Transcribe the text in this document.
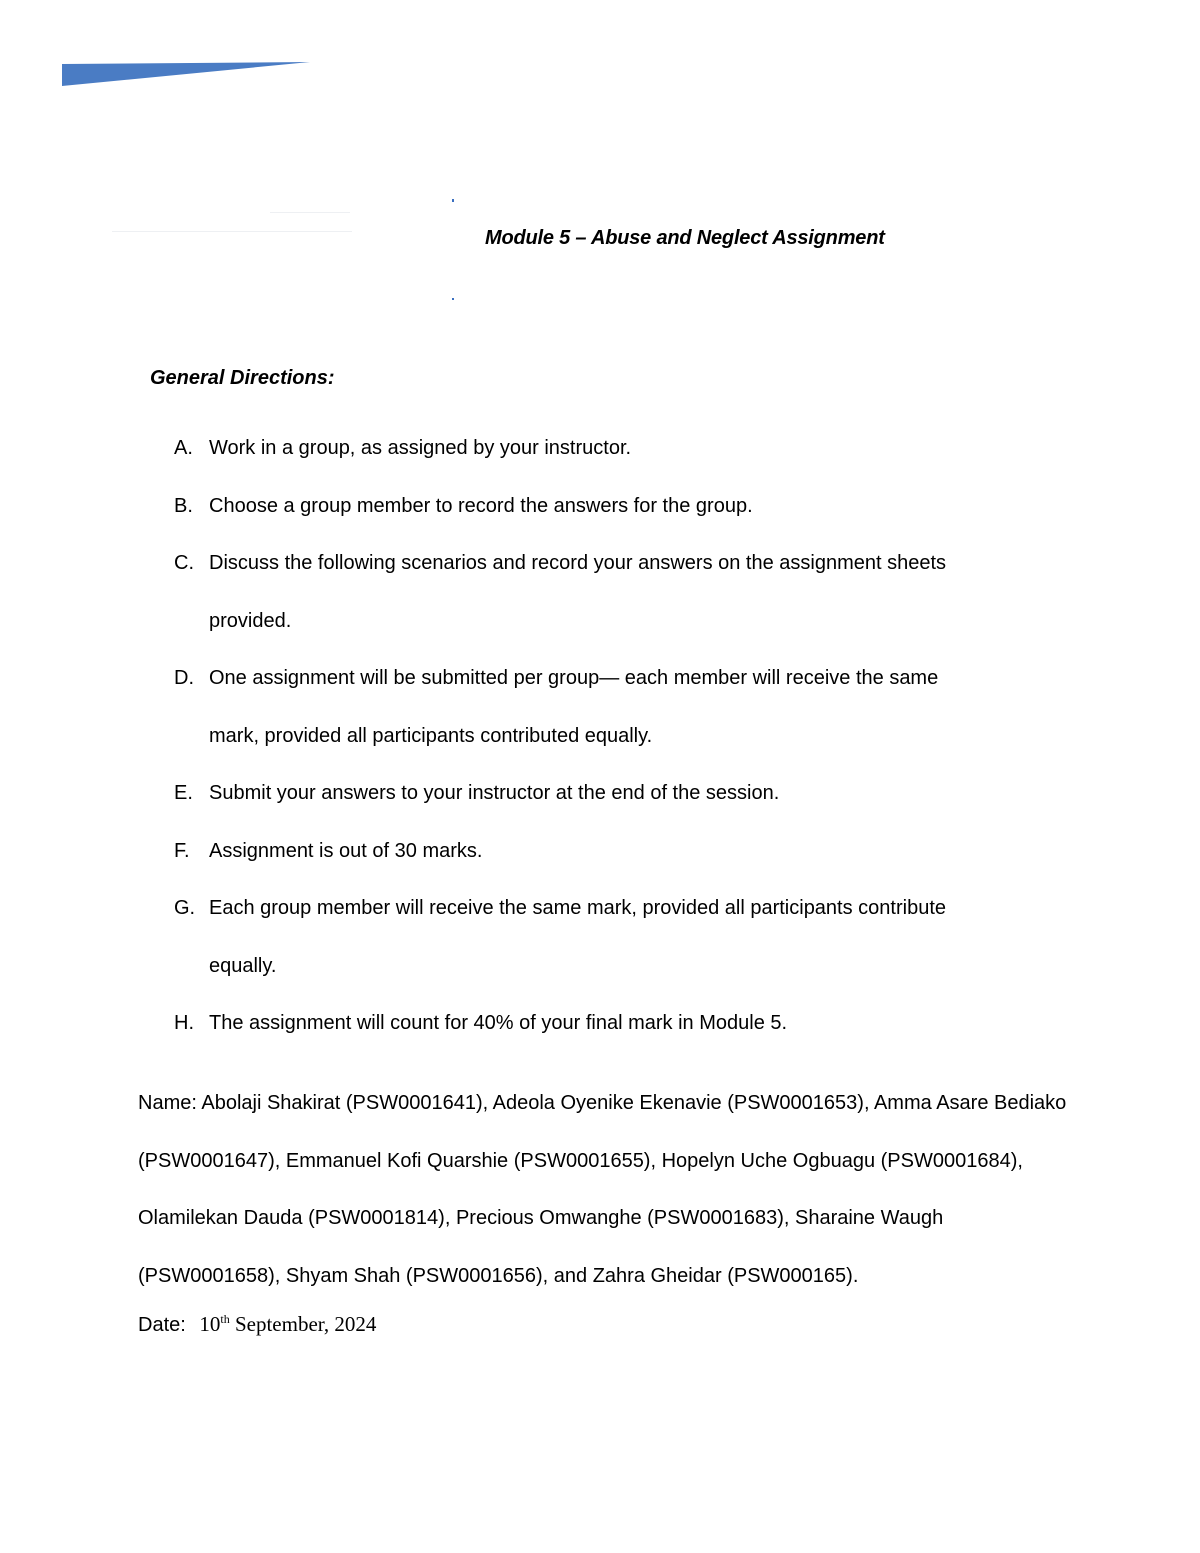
Module 5 – Abuse and Neglect Assignment
General Directions:
A. Work in a group, as assigned by your instructor.
B. Choose a group member to record the answers for the group.
C. Discuss the following scenarios and record your answers on the assignment sheets provided.
D. One assignment will be submitted per group— each member will receive the same mark, provided all participants contributed equally.
E. Submit your answers to your instructor at the end of the session.
F. Assignment is out of 30 marks.
G. Each group member will receive the same mark, provided all participants contribute equally.
H. The assignment will count for 40% of your final mark in Module 5.
Name: Abolaji Shakirat (PSW0001641), Adeola Oyenike Ekenavie (PSW0001653), Amma Asare Bediako (PSW0001647), Emmanuel Kofi Quarshie (PSW0001655), Hopelyn Uche Ogbuagu (PSW0001684), Olamilekan Dauda (PSW0001814), Precious Omwanghe (PSW0001683), Sharaine Waugh (PSW0001658), Shyam Shah (PSW0001656), and Zahra Gheidar (PSW000165).
Date: 10th September, 2024
